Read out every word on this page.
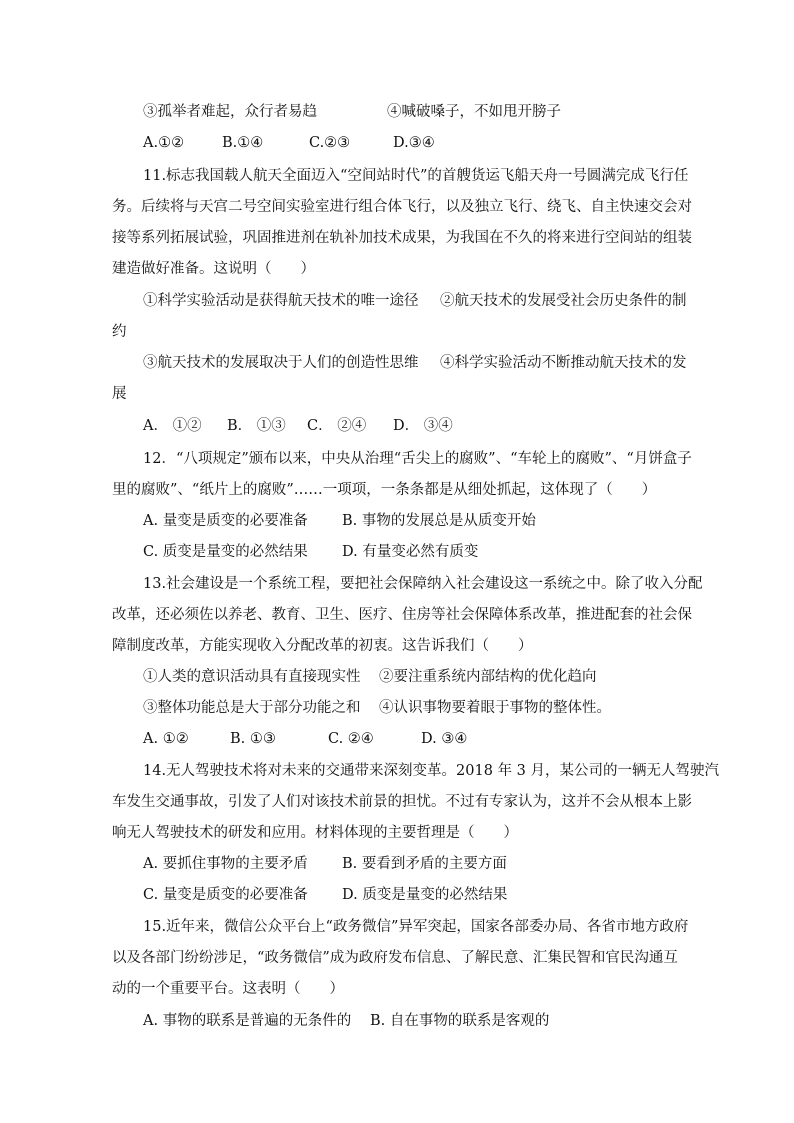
③孤举者难起，众行者易趋	④喊破嗓子，不如甩开膀子
A.①②	B.①④	C.②③	D.③④
11.标志我国载人航天全面迈入“空间站时代”的首艘货运飞船天舟一号圆满完成飞行任
务。后续将与天宫二号空间实验室进行组合体飞行，以及独立飞行、绕飞、自主快速交会对
接等系列拓展试验，巩固推进剂在轨补加技术成果，为我国在不久的将来进行空间站的组装
建造做好准备。这说明（　　）
①科学实验活动是获得航天技术的唯一途径 ②航天技术的发展受社会历史条件的制
约
③航天技术的发展取决于人们的创造性思维 ④科学实验活动不断推动航天技术的发
展
A． ①② B． ①③ C． ②④ D． ③④
12．“八项规定”颁布以来，中央从治理“舌尖上的腐败”、“车轮上的腐败”、“月饼盒子
里的腐败”、“纸片上的腐败”……一项项，一条条都是从细处抓起，这体现了（　　）
A. 量变是质变的必要准备 B. 事物的发展总是从质变开始
C. 质变是量变的必然结果 D. 有量变必然有质变
13.社会建设是一个系统工程，要把社会保障纳入社会建设这一系统之中。除了收入分配
改革，还必须佐以养老、教育、卫生、医疗、住房等社会保障体系改革，推进配套的社会保
障制度改革，方能实现收入分配改革的初衷。这告诉我们（　　）
①人类的意识活动具有直接现实性 ②要注重系统内部结构的优化趋向
③整体功能总是大于部分功能之和 ④认识事物要着眼于事物的整体性。
A. ①②	B. ①③	C. ②④	D. ③④
14.无人驾驶技术将对未来的交通带来深刻变革。2018 年 3 月，某公司的一辆无人驾驶汽
车发生交通事故，引发了人们对该技术前景的担忧。不过有专家认为，这并不会从根本上影
响无人驾驶技术的研发和应用。材料体现的主要哲理是（　　）
A. 要抓住事物的主要矛盾 B. 要看到矛盾的主要方面
C. 量变是质变的必要准备 D. 质变是量变的必然结果
15.近年来，微信公众平台上“政务微信”异军突起，国家各部委办局、各省市地方政府
以及各部门纷纷涉足，“政务微信”成为政府发布信息、了解民意、汇集民智和官民沟通互
动的一个重要平台。这表明（　　）
A. 事物的联系是普遍的无条件的 B. 自在事物的联系是客观的
